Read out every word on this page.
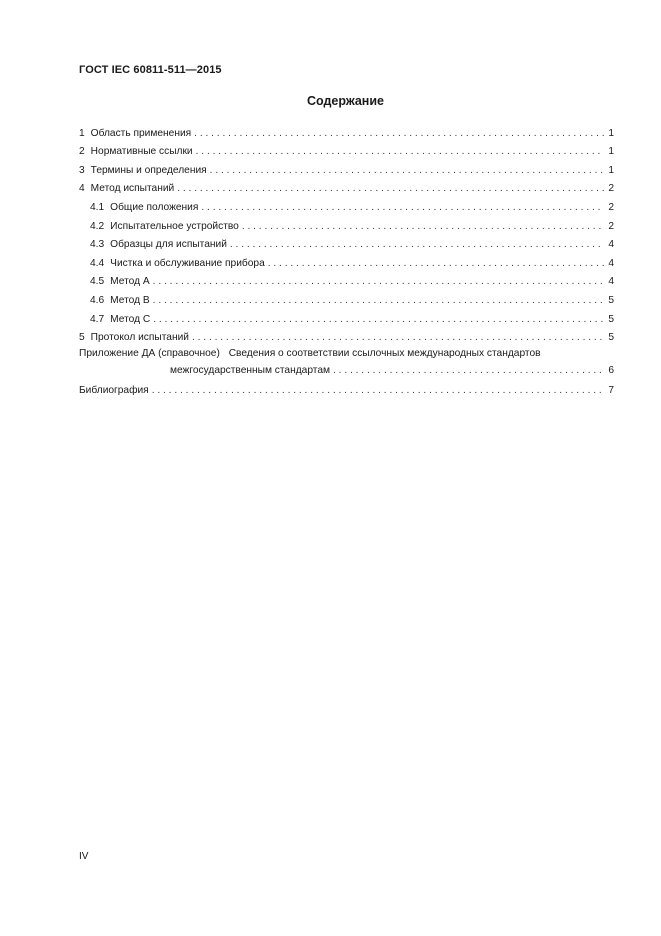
ГОСТ IEC 60811-511—2015
Содержание
1 Область применения . . .	1
2 Нормативные ссылки . . .	1
3 Термины и определения . . .	1
4 Метод испытаний . . .	2
4.1 Общие положения . . .	2
4.2 Испытательное устройство . . .	2
4.3 Образцы для испытаний . . .	4
4.4 Чистка и обслуживание прибора . . .	4
4.5 Метод А . . .	4
4.6 Метод В . . .	5
4.7 Метод С . . .	5
5 Протокол испытаний . . .	5
Приложение ДА (справочное) Сведения о соответствии ссылочных международных стандартов
межгосударственным стандартам . . .	6
Библиография . . .	7
IV
